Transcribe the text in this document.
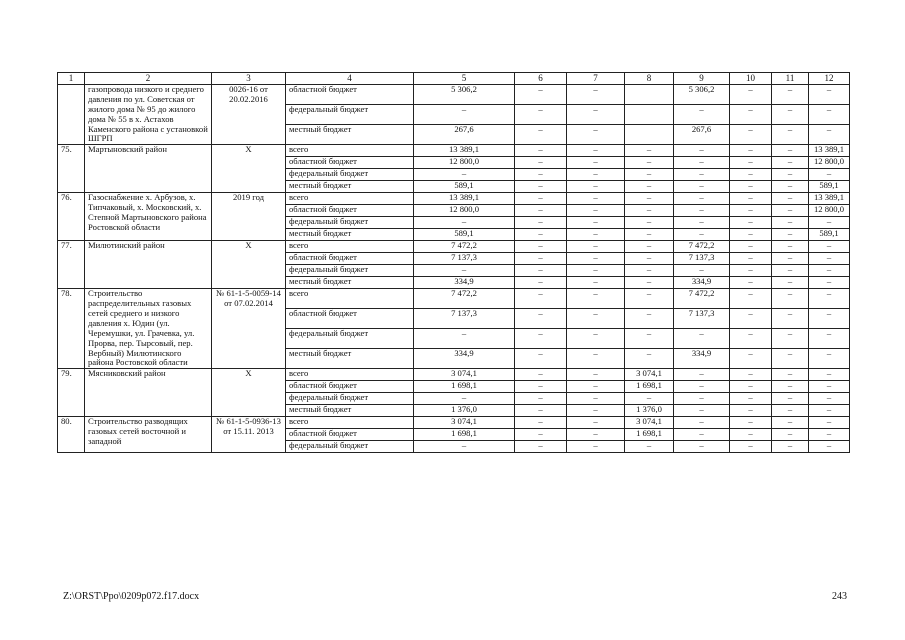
1	2	3	4	5	6	7	8	9	10	11	12
	газопровода низкого и среднего давления по ул. Советская от жилого дома № 95 до жилого дома № 55 в х. Астахов Каменского района с установкой ШГРП	0026-16 от 20.02.2016	областной бюджет	5 306,2	–	–		5 306,2	–	–	–
			федеральный бюджет	–	–	–		–	–	–	–
			местный бюджет	267,6	–	–		267,6	–	–	–
75.	Мартыновский район	Х	всего	13 389,1	–	–	–	–	–	–	13 389,1
			областной бюджет	12 800,0	–	–	–	–	–	–	12 800,0
			федеральный бюджет	–	–	–	–	–	–	–	–
			местный бюджет	589,1	–	–	–	–	–	–	589,1
76.	Газоснабжение х. Арбузов, х. Типчаковый, х. Московский, х. Степной Мартыновского района Ростовской области	2019 год	всего	13 389,1	–	–	–	–	–	–	13 389,1
			областной бюджет	12 800,0	–	–	–	–	–	–	12 800,0
			федеральный бюджет	–	–	–	–	–	–	–	–
			местный бюджет	589,1	–	–	–	–	–	–	589,1
77.	Милютинский район	Х	всего	7 472,2	–	–	–	7 472,2	–	–	–
			областной бюджет	7 137,3	–	–	–	7 137,3	–	–	–
			федеральный бюджет	–	–	–	–	–	–	–	–
			местный бюджет	334,9	–	–	–	334,9	–	–	–
78.	Строительство распределительных газовых сетей среднего и низкого давления х. Юдин (ул. Черемушки, ул. Грачевка, ул. Прорва, пер. Тырсовый, пер. Вербный) Милютинского района Ростовской области	№ 61-1-5-0059-14 от 07.02.2014	всего	7 472,2	–	–	–	7 472,2	–	–	–
			областной бюджет	7 137,3	–	–	–	7 137,3	–	–	–
			федеральный бюджет	–	–	–	–	–	–	–	–
			местный бюджет	334,9	–	–	–	334,9	–	–	–
79.	Мясниковский район	Х	всего	3 074,1	–	–	3 074,1	–	–	–	–
			областной бюджет	1 698,1	–	–	1 698,1	–	–	–	–
			федеральный бюджет	–	–	–	–	–	–	–	–
			местный бюджет	1 376,0	–	–	1 376,0	–	–	–	–
80.	Строительство разводящих газовых сетей восточной и западной	№ 61-1-5-0936-13 от 15.11. 2013	всего	3 074,1	–	–	3 074,1	–	–	–	–
			областной бюджет	1 698,1	–	–	1 698,1	–	–	–	–
			федеральный бюджет	–	–	–	–	–	–	–	–
Z:\ORST\Ppo\0209p072.f17.docx	243
